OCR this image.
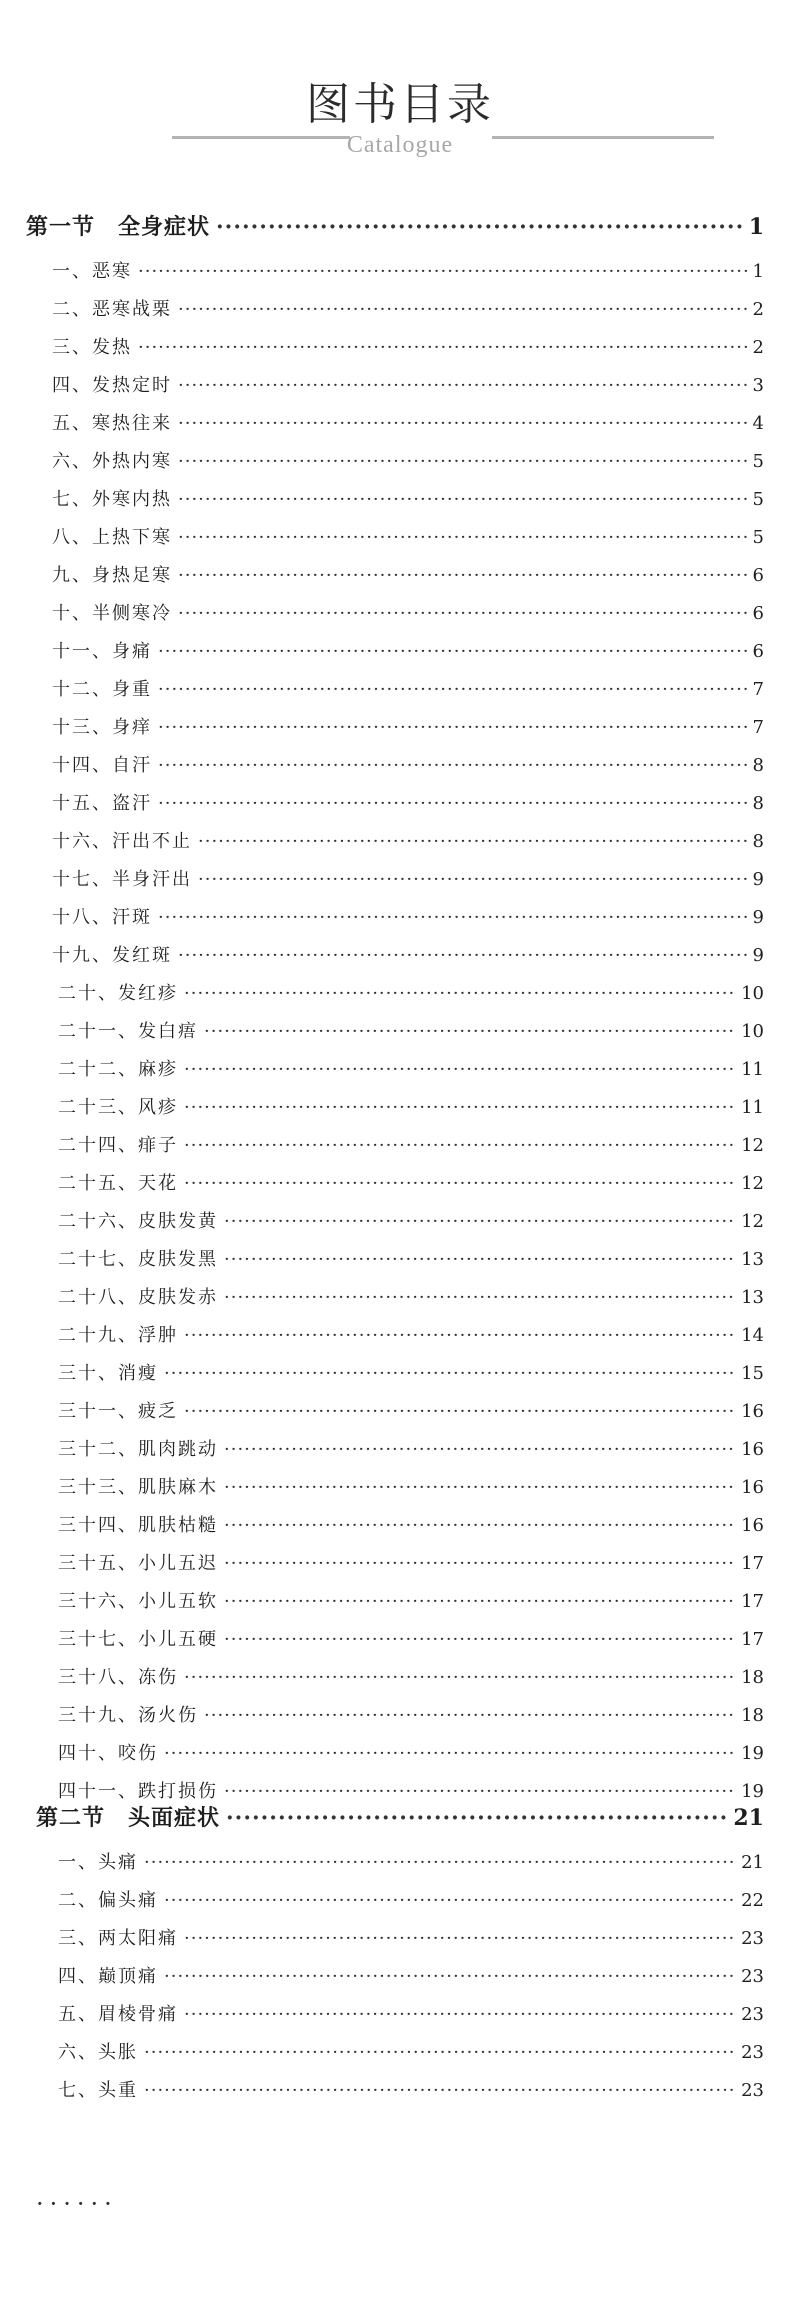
图书目录
Catalogue
第一节　全身症状 ·····	1
一、恶寒 ·····	1
二、恶寒战栗 ·····	2
三、发热 ·····	2
四、发热定时 ·····	3
五、寒热往来 ·····	4
六、外热内寒 ·····	5
七、外寒内热 ·····	5
八、上热下寒 ·····	5
九、身热足寒 ·····	6
十、半侧寒冷 ·····	6
十一、身痛 ·····	6
十二、身重 ·····	7
十三、身痒 ·····	7
十四、自汗 ·····	8
十五、盗汗 ·····	8
十六、汗出不止 ·····	8
十七、半身汗出 ·····	9
十八、汗斑 ·····	9
十九、发红斑 ·····	9
二十、发红疹 ·····	10
二十一、发白痦 ·····	10
二十二、麻疹 ·····	11
二十三、风疹 ·····	11
二十四、痱子 ·····	12
二十五、天花 ·····	12
二十六、皮肤发黄 ·····	12
二十七、皮肤发黑 ·····	13
二十八、皮肤发赤 ·····	13
二十九、浮肿 ·····	14
三十、消瘦 ·····	15
三十一、疲乏 ·····	16
三十二、肌肉跳动 ·····	16
三十三、肌肤麻木 ·····	16
三十四、肌肤枯糙 ·····	16
三十五、小儿五迟 ·····	17
三十六、小儿五软 ·····	17
三十七、小儿五硬 ·····	17
三十八、冻伤 ·····	18
三十九、汤火伤 ·····	18
四十、咬伤 ·····	19
四十一、跌打损伤 ·····	19
第二节　头面症状 ·····	21
一、头痛 ·····	21
二、偏头痛 ·····	22
三、两太阳痛 ·····	23
四、巅顶痛 ·····	23
五、眉棱骨痛 ·····	23
六、头胀 ·····	23
七、头重 ·····	23
······
